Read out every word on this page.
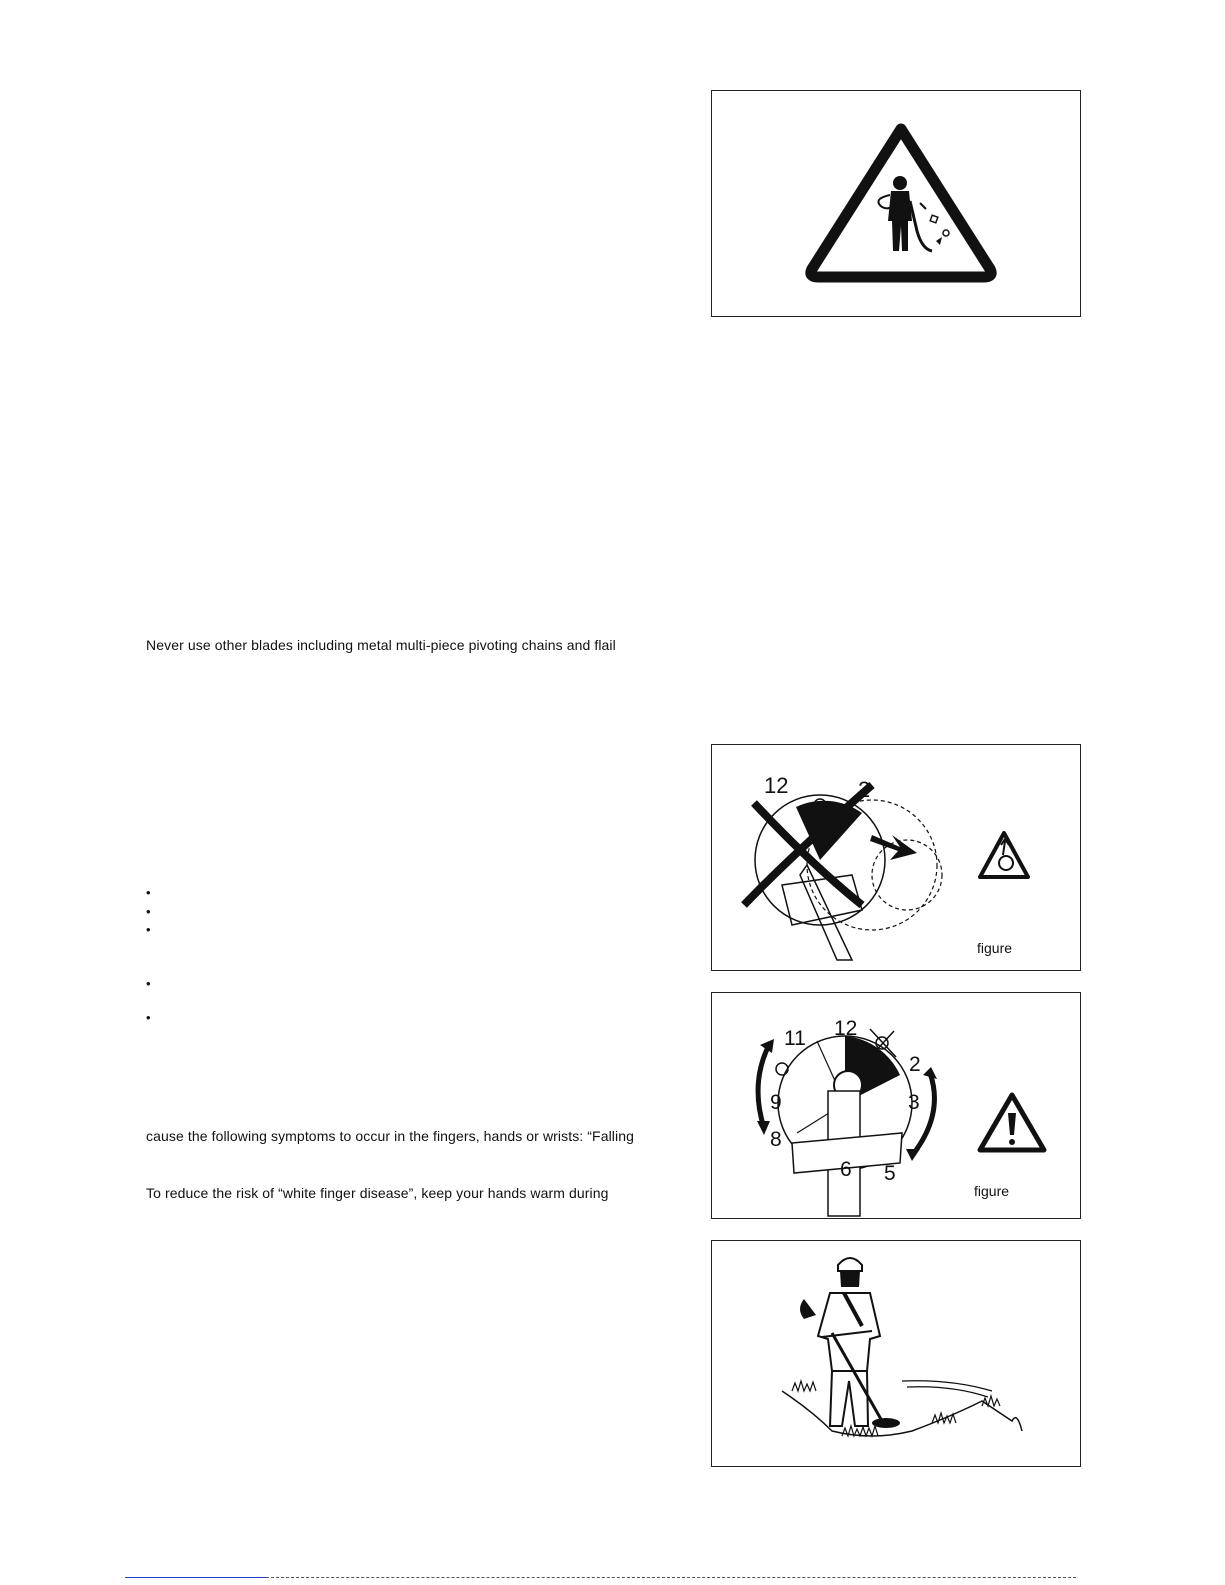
Never use other blades including metal multi-piece pivoting chains and flail
cause the following symptoms to occur in the fingers, hands or wrists: “Falling
To reduce the risk of “white finger disease”, keep your hands warm during
•
•
•
•
•
12	2
figure
11 12
2
9	3
8
6 5
figure
